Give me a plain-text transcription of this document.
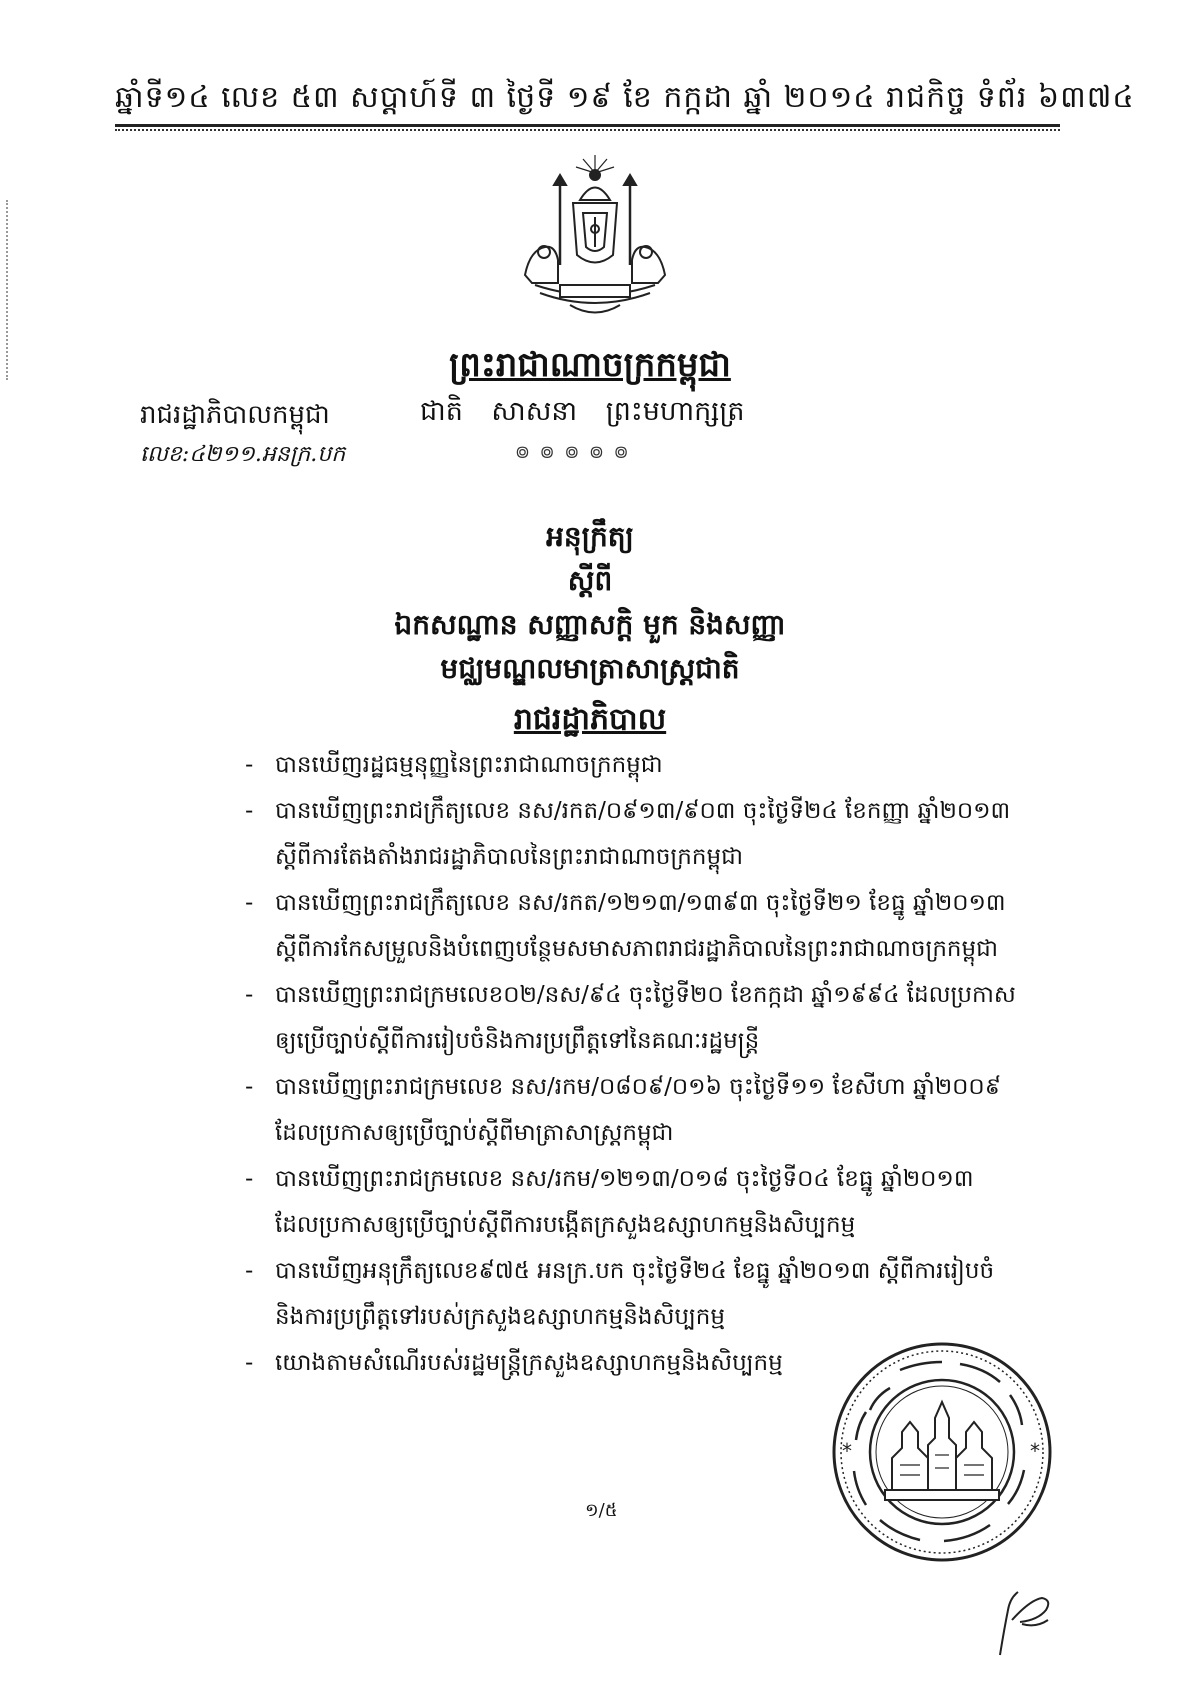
ឆ្នាំទី១៤ លេខ ៥៣ សប្តាហ៍ទី ៣ ថ្ងៃទី ១៩ ខែ កក្កដា ឆ្នាំ ២០១៤ រាជកិច្ច ទំព័រ ៦៣៧៤
ព្រះរាជាណាចក្រកម្ពុជា
រាជរដ្ឋាភិបាលកម្ពុជា	ជាតិ សាសនា ព្រះមហាក្សត្រ
លេខ:៤២១១.អនក្រ.បក	៙ ៙ ៙ ៙ ៙
អនុក្រឹត្យ
ស្តីពី
ឯកសណ្ឋាន សញ្ញាសក្តិ មួក និងសញ្ញា
មជ្ឈមណ្ឌលមាត្រាសាស្ត្រជាតិ
រាជរដ្ឋាភិបាល
- បានឃើញរដ្ឋធម្មនុញ្ញនៃព្រះរាជាណាចក្រកម្ពុជា
- បានឃើញព្រះរាជក្រឹត្យលេខ នស/រកត/០៩១៣/៩០៣ ចុះថ្ងៃទី២៤ ខែកញ្ញា ឆ្នាំ២០១៣
ស្តីពីការតែងតាំងរាជរដ្ឋាភិបាលនៃព្រះរាជាណាចក្រកម្ពុជា
- បានឃើញព្រះរាជក្រឹត្យលេខ នស/រកត/១២១៣/១៣៩៣ ចុះថ្ងៃទី២១ ខែធ្នូ ឆ្នាំ២០១៣
ស្តីពីការកែសម្រួលនិងបំពេញបន្ថែមសមាសភាពរាជរដ្ឋាភិបាលនៃព្រះរាជាណាចក្រកម្ពុជា
- បានឃើញព្រះរាជក្រមលេខ០២/នស/៩៤ ចុះថ្ងៃទី២០ ខែកក្កដា ឆ្នាំ១៩៩៤ ដែលប្រកាស
ឲ្យប្រើច្បាប់ស្តីពីការរៀបចំនិងការប្រព្រឹត្តទៅនៃគណៈរដ្ឋមន្ត្រី
- បានឃើញព្រះរាជក្រមលេខ នស/រកម/០៨០៩/០១៦ ចុះថ្ងៃទី១១ ខែសីហា ឆ្នាំ២០០៩
ដែលប្រកាសឲ្យប្រើច្បាប់ស្តីពីមាត្រាសាស្ត្រកម្ពុជា
- បានឃើញព្រះរាជក្រមលេខ នស/រកម/១២១៣/០១៨ ចុះថ្ងៃទី០៤ ខែធ្នូ ឆ្នាំ២០១៣
ដែលប្រកាសឲ្យប្រើច្បាប់ស្តីពីការបង្កើតក្រសួងឧស្សាហកម្មនិងសិប្បកម្ម
- បានឃើញអនុក្រឹត្យលេខ៩៧៥ អនក្រ.បក ចុះថ្ងៃទី២៤ ខែធ្នូ ឆ្នាំ២០១៣ ស្តីពីការរៀបចំ
និងការប្រព្រឹត្តទៅរបស់ក្រសួងឧស្សាហកម្មនិងសិប្បកម្ម
- យោងតាមសំណើរបស់រដ្ឋមន្ត្រីក្រសួងឧស្សាហកម្មនិងសិប្បកម្ម
*	*
១/៥
